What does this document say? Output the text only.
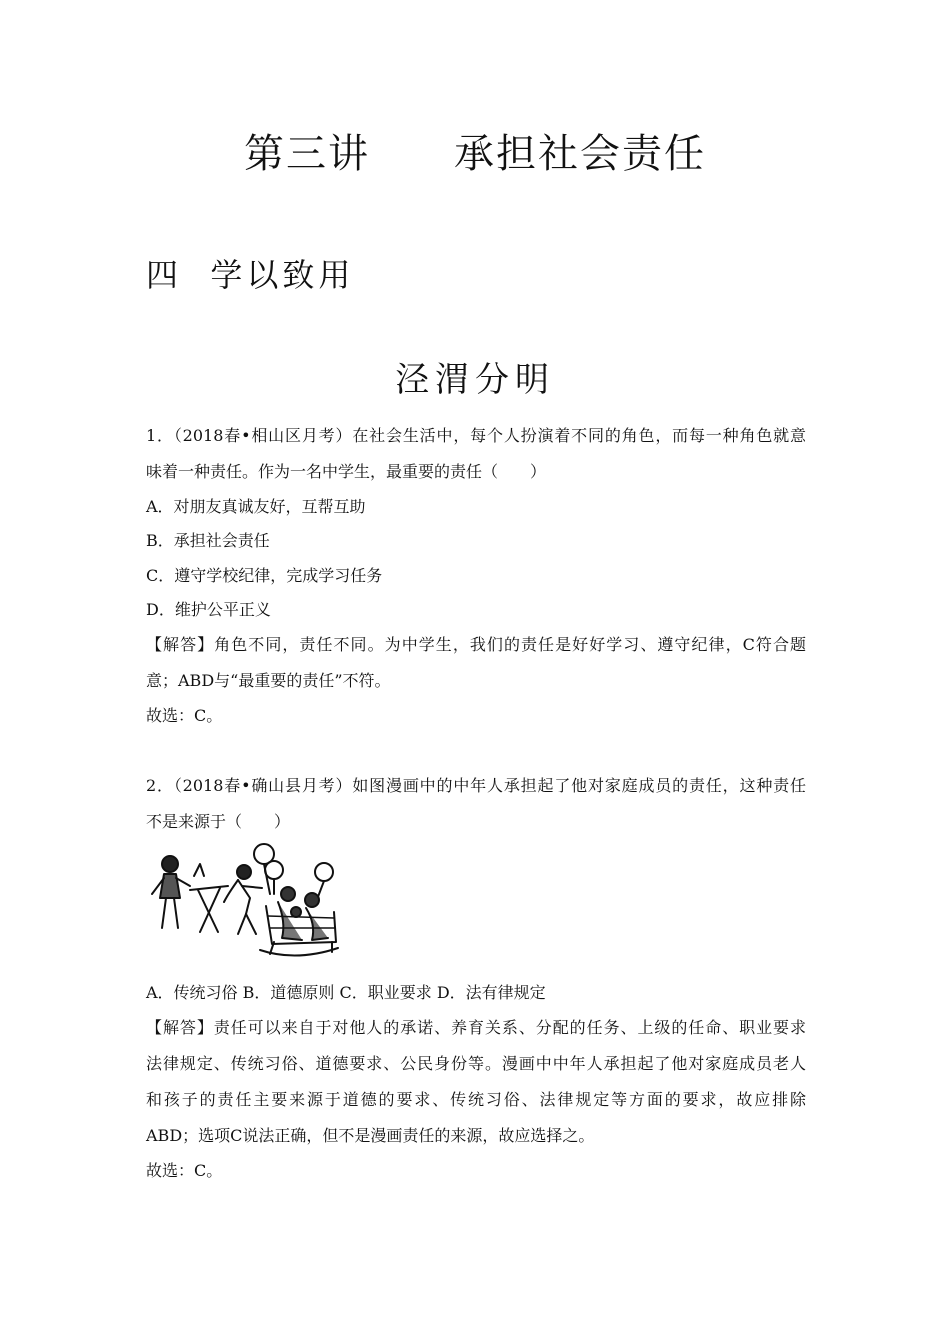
第三讲　　承担社会责任
四  学以致用
泾渭分明
1．（2018春•相山区月考）在社会生活中，每个人扮演着不同的角色，而每一种角色就意
味着一种责任。作为一名中学生，最重要的责任（　　）
A．对朋友真诚友好，互帮互助
B．承担社会责任
C．遵守学校纪律，完成学习任务
D．维护公平正义
【解答】角色不同，责任不同。为中学生，我们的责任是好好学习、遵守纪律，C符合题
意；ABD与“最重要的责任”不符。
故选：C。
2．（2018春•确山县月考）如图漫画中的中年人承担起了他对家庭成员的责任，这种责任
不是来源于（　　）
A．传统习俗 B．道德原则 C．职业要求 D．法有律规定
【解答】责任可以来自于对他人的承诺、养育关系、分配的任务、上级的任命、职业要求
法律规定、传统习俗、道德要求、公民身份等。漫画中中年人承担起了他对家庭成员老人
和孩子的责任主要来源于道德的要求、传统习俗、法律规定等方面的要求，故应排除
ABD；选项C说法正确，但不是漫画责任的来源，故应选择之。
故选：C。
